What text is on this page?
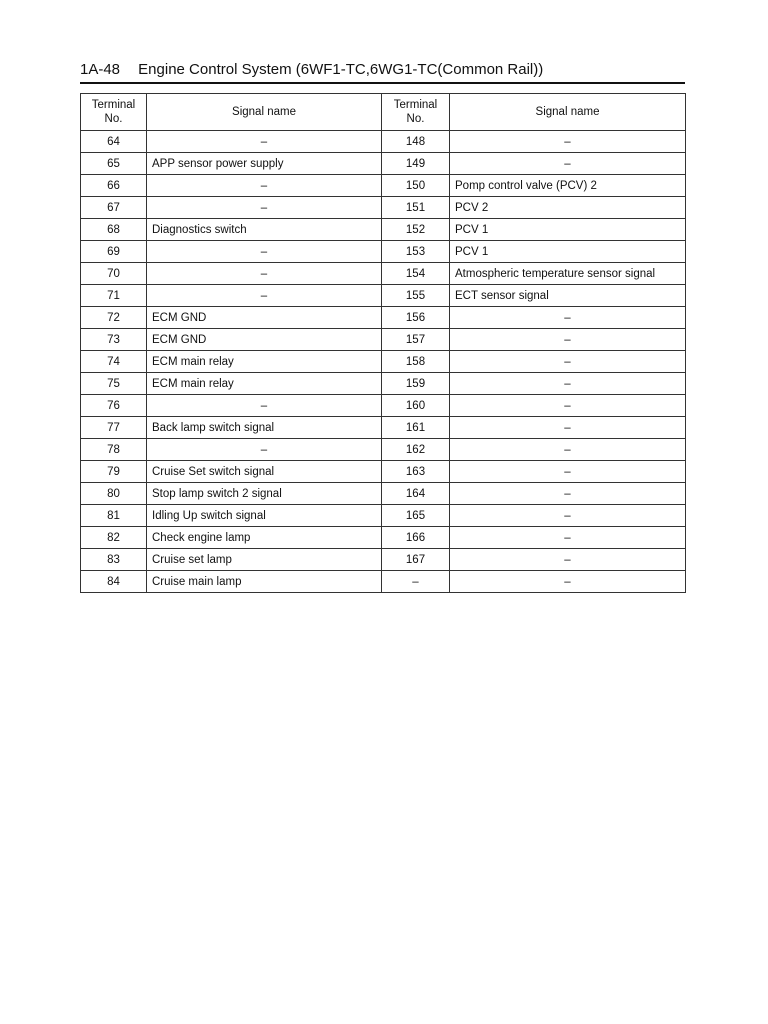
1A-48 Engine Control System (6WF1-TC,6WG1-TC(Common Rail))
Terminal No.	Signal name	Terminal No.	Signal name
64	–	148	–
65	APP sensor power supply	149	–
66	–	150	Pomp control valve (PCV) 2
67	–	151	PCV 2
68	Diagnostics switch	152	PCV 1
69	–	153	PCV 1
70	–	154	Atmospheric temperature sensor signal
71	–	155	ECT sensor signal
72	ECM GND	156	–
73	ECM GND	157	–
74	ECM main relay	158	–
75	ECM main relay	159	–
76	–	160	–
77	Back lamp switch signal	161	–
78	–	162	–
79	Cruise Set switch signal	163	–
80	Stop lamp switch 2 signal	164	–
81	Idling Up switch signal	165	–
82	Check engine lamp	166	–
83	Cruise set lamp	167	–
84	Cruise main lamp	–	–
